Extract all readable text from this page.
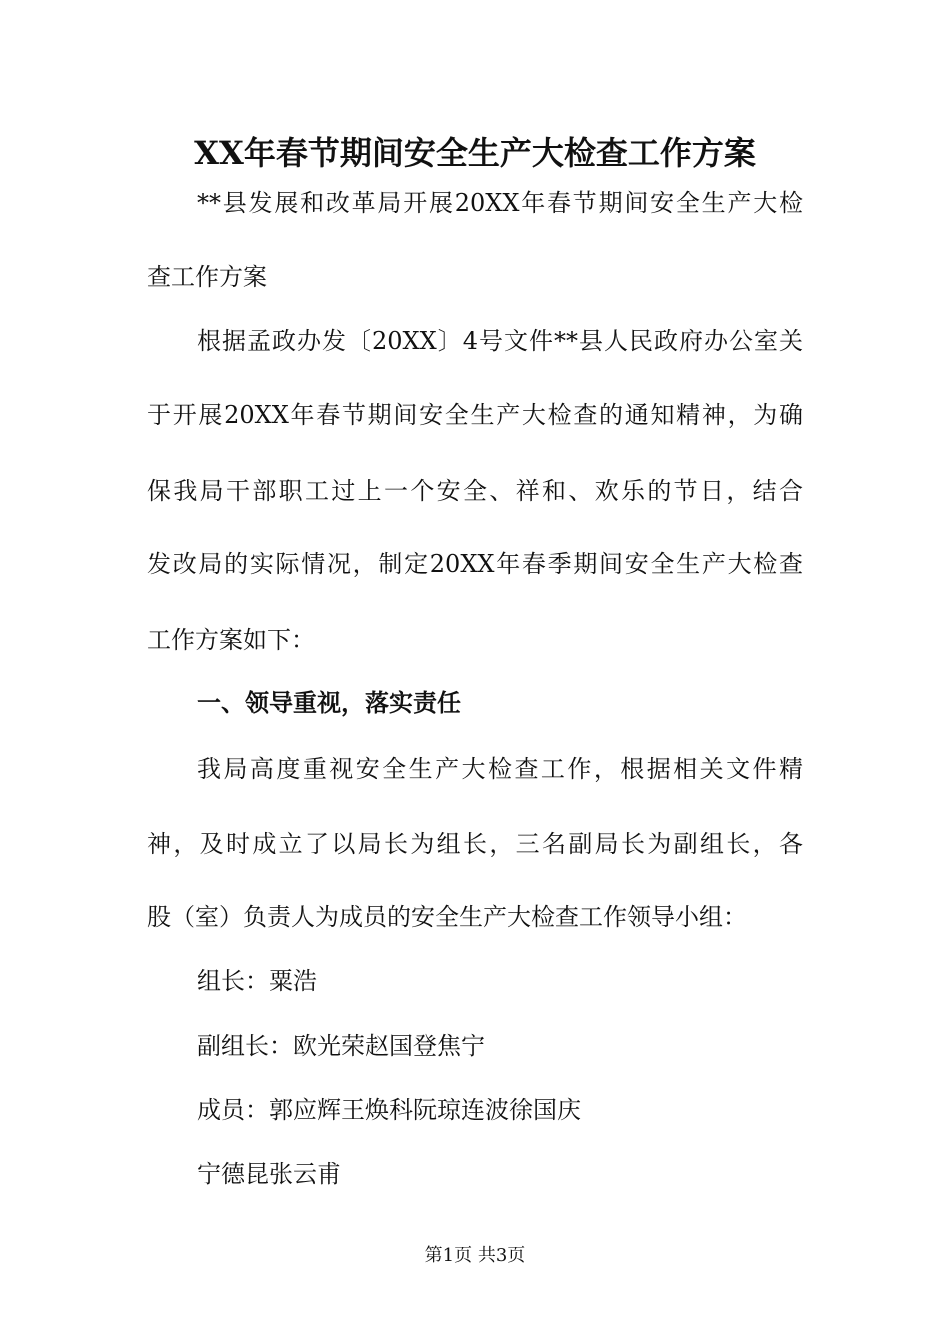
XX年春节期间安全生产大检查工作方案
**县发展和改革局开展20XX年春节期间安全生产大检
查工作方案
根据孟政办发〔20XX〕4号文件**县人民政府办公室关
于开展20XX年春节期间安全生产大检查的通知精神，为确
保我局干部职工过上一个安全、祥和、欢乐的节日，结合
发改局的实际情况，制定20XX年春季期间安全生产大检查
工作方案如下：
一、领导重视，落实责任
我局高度重视安全生产大检查工作，根据相关文件精
神，及时成立了以局长为组长，三名副局长为副组长，各
股（室）负责人为成员的安全生产大检查工作领导小组：
组长：粟浩
副组长：欧光荣赵国登焦宁
成员：郭应辉王焕科阮琼连波徐国庆
宁德昆张云甫
第1页 共3页
